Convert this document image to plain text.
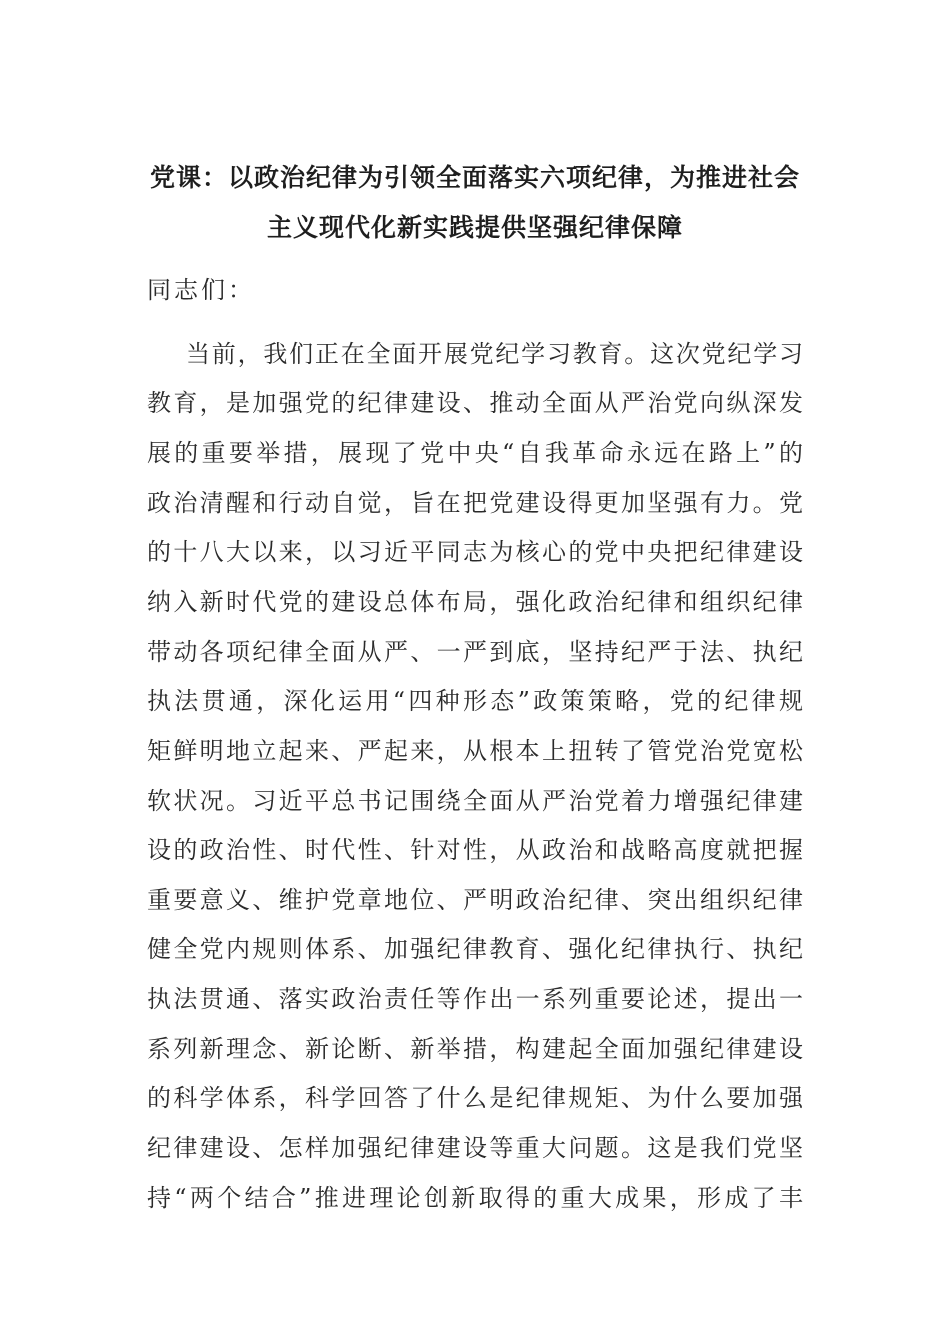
党课：以政治纪律为引领全面落实六项纪律，为推进社会
主义现代化新实践提供坚强纪律保障
同志们：
当前，我们正在全面开展党纪学习教育。这次党纪学习
教育，是加强党的纪律建设、推动全面从严治党向纵深发
展的重要举措，展现了党中央“自我革命永远在路上”的
政治清醒和行动自觉，旨在把党建设得更加坚强有力。党
的十八大以来，以习近平同志为核心的党中央把纪律建设
纳入新时代党的建设总体布局，强化政治纪律和组织纪律
带动各项纪律全面从严、一严到底，坚持纪严于法、执纪
执法贯通，深化运用“四种形态”政策策略，党的纪律规
矩鲜明地立起来、严起来，从根本上扭转了管党治党宽松
软状况。习近平总书记围绕全面从严治党着力增强纪律建
设的政治性、时代性、针对性，从政治和战略高度就把握
重要意义、维护党章地位、严明政治纪律、突出组织纪律
健全党内规则体系、加强纪律教育、强化纪律执行、执纪
执法贯通、落实政治责任等作出一系列重要论述，提出一
系列新理念、新论断、新举措，构建起全面加强纪律建设
的科学体系，科学回答了什么是纪律规矩、为什么要加强
纪律建设、怎样加强纪律建设等重大问题。这是我们党坚
持“两个结合”推进理论创新取得的重大成果，形成了丰
